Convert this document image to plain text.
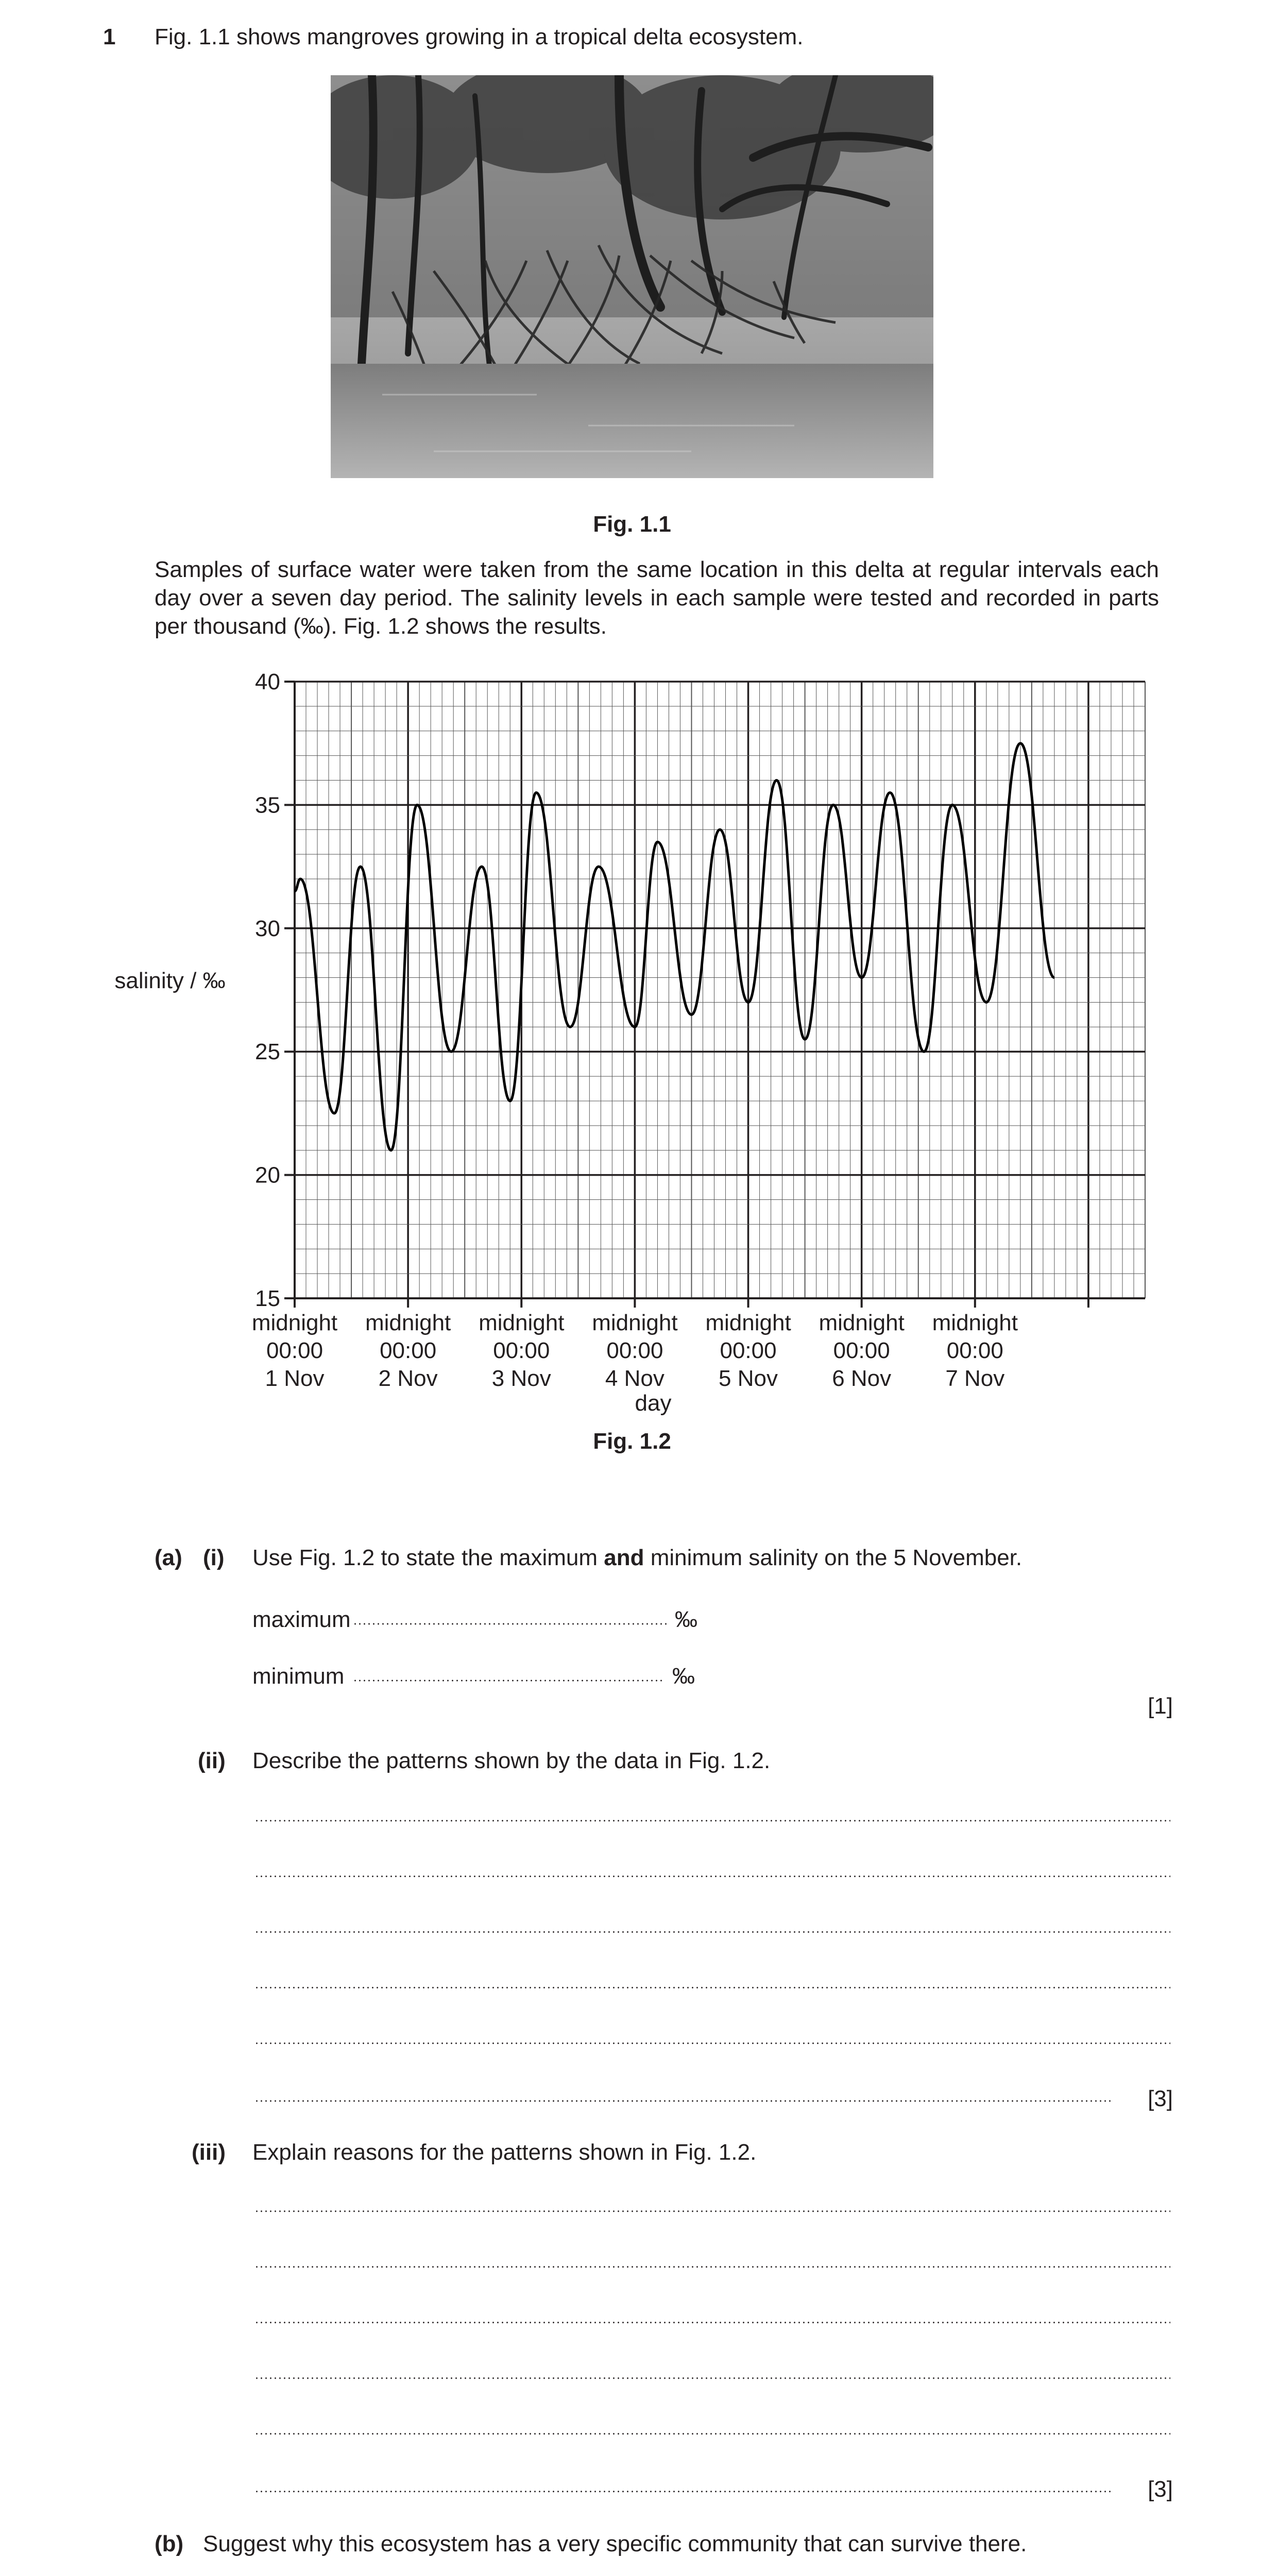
1 Fig. 1.1 shows mangroves growing in a tropical delta ecosystem.
Fig. 1.1
Samples of surface water were taken from the same location in this delta at regular intervals each day over a seven day period. The salinity levels in each sample were tested and recorded in parts per thousand (‰). Fig. 1.2 shows the results.
15
20
25
30
35
40
midnight
00:00
1 Nov
midnight
00:00
2 Nov
midnight
00:00
3 Nov
midnight
00:00
4 Nov
midnight
00:00
5 Nov
midnight
00:00
6 Nov
midnight
00:00
7 Nov
salinity / ‰
day
Fig. 1.2
(a) (i) Use Fig. 1.2 to state the maximum and minimum salinity on the 5 November.
maximum	‰
minimum	‰
[1]
(ii) Describe the patterns shown by the data in Fig. 1.2.
[3]
(iii) Explain reasons for the patterns shown in Fig. 1.2.
[3]
(b) Suggest why this ecosystem has a very specific community that can survive there.
